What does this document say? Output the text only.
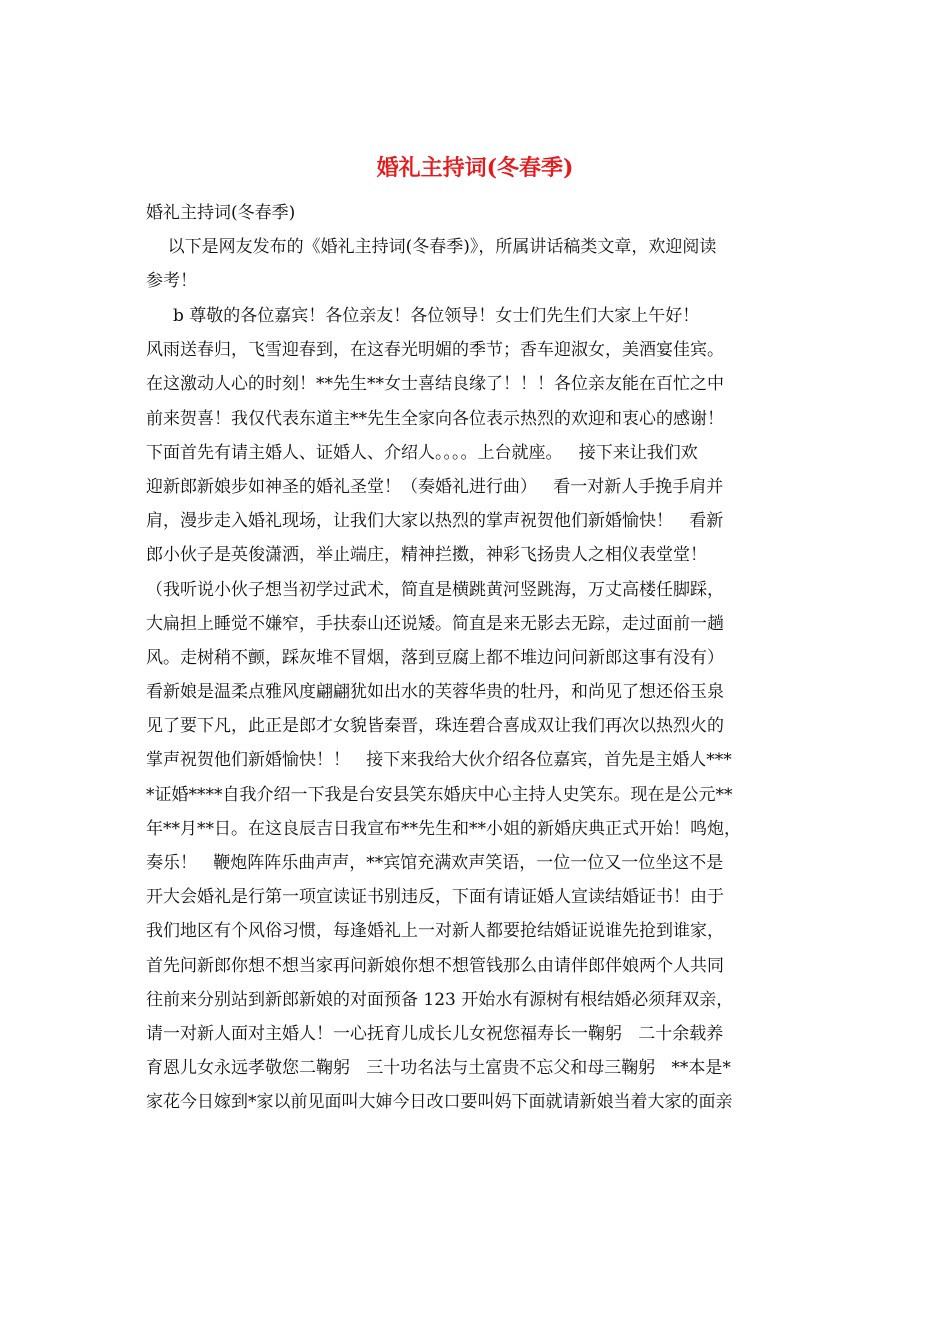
婚礼主持词(冬春季)
婚礼主持词(冬春季)
以下是网友发布的《婚礼主持词(冬春季)》，所属讲话稿类文章，欢迎阅读
参考！
b 尊敬的各位嘉宾！各位亲友！各位领导！女士们先生们大家上午好！
风雨送春归，飞雪迎春到，在这春光明媚的季节；香车迎淑女，美酒宴佳宾。
在这激动人心的时刻！**先生**女士喜结良缘了！！！各位亲友能在百忙之中
前来贺喜！我仅代表东道主**先生全家向各位表示热烈的欢迎和衷心的感谢！
下面首先有请主婚人、证婚人、介绍人。。。。上台就座。   接下来让我们欢
迎新郎新娘步如神圣的婚礼圣堂！（奏婚礼进行曲）   看一对新人手挽手肩并
肩，漫步走入婚礼现场，让我们大家以热烈的掌声祝贺他们新婚愉快！   看新
郎小伙子是英俊潇洒，举止端庄，精神拦擞，神彩飞扬贵人之相仪表堂堂！
（我听说小伙子想当初学过武术，简直是横跳黄河竖跳海，万丈高楼任脚踩，
大扁担上睡觉不嫌窄，手扶泰山还说矮。简直是来无影去无踪，走过面前一趟
风。走树稍不颤，踩灰堆不冒烟，落到豆腐上都不堆边问问新郎这事有没有）
看新娘是温柔点雅风度翩翩犹如出水的芙蓉华贵的牡丹，和尚见了想还俗玉泉
见了要下凡，此正是郎才女貌皆秦晋，珠连碧合喜成双让我们再次以热烈火的
掌声祝贺他们新婚愉快！！   接下来我给大伙介绍各位嘉宾，首先是主婚人***
*证婚****自我介绍一下我是台安县笑东婚庆中心主持人史笑东。现在是公元**
年**月**日。在这良辰吉日我宣布**先生和**小姐的新婚庆典正式开始！鸣炮，
奏乐！   鞭炮阵阵乐曲声声，**宾馆充满欢声笑语，一位一位又一位坐这不是
开大会婚礼是行第一项宣读证书别违反，下面有请证婚人宣读结婚证书！由于
我们地区有个风俗习惯，每逢婚礼上一对新人都要抢结婚证说谁先抢到谁家，
首先问新郎你想不想当家再问新娘你想不想管钱那么由请伴郎伴娘两个人共同
往前来分别站到新郎新娘的对面预备 123 开始水有源树有根结婚必须拜双亲，
请一对新人面对主婚人！一心抚育儿成长儿女祝您福寿长一鞠躬   二十余载养
育恩儿女永远孝敬您二鞠躬   三十功名法与土富贵不忘父和母三鞠躬   **本是*
家花今日嫁到*家以前见面叫大婶今日改口要叫妈下面就请新娘当着大家的面亲
